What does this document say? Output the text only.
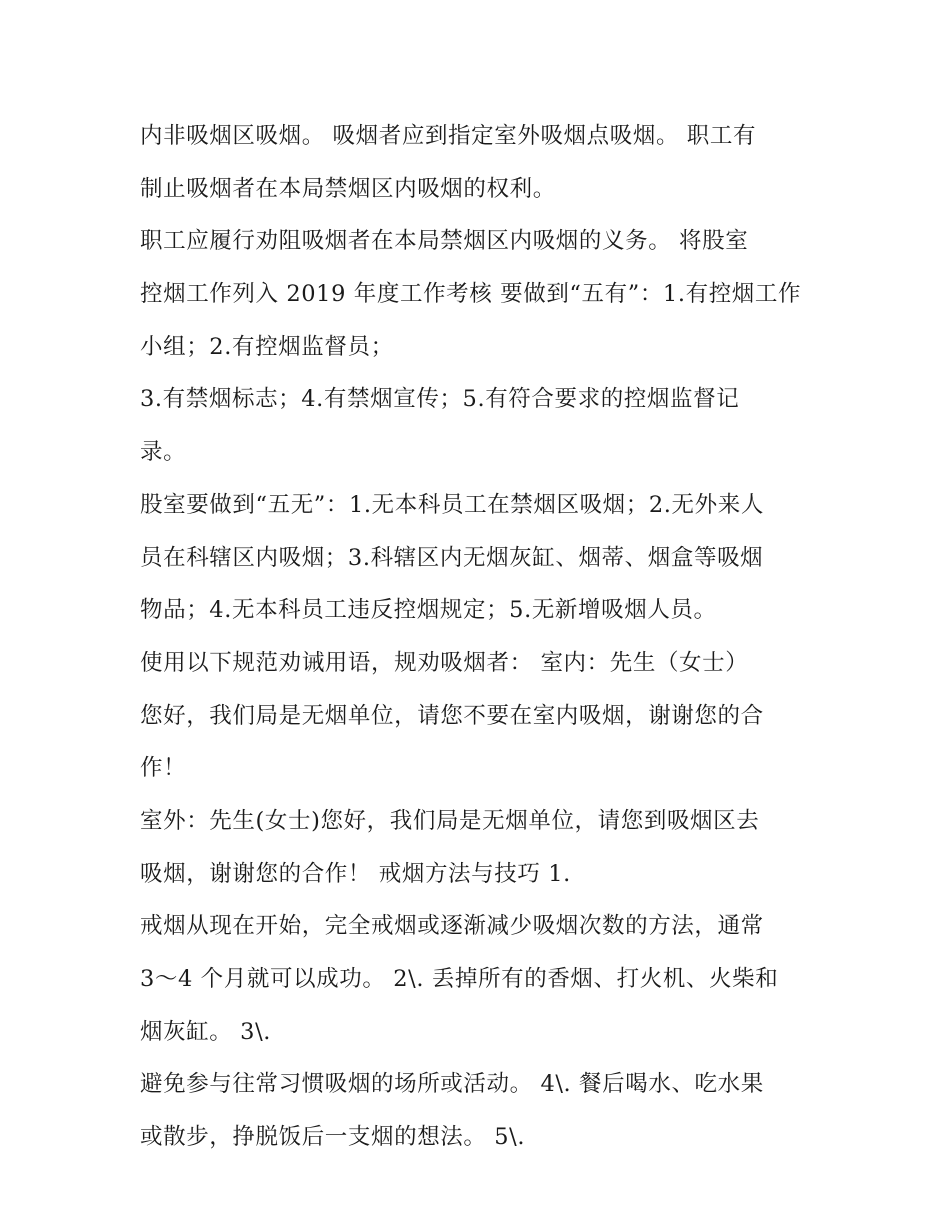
内非吸烟区吸烟。 吸烟者应到指定室外吸烟点吸烟。 职工有
制止吸烟者在本局禁烟区内吸烟的权利。
职工应履行劝阻吸烟者在本局禁烟区内吸烟的义务。 将股室
控烟工作列入 2019 年度工作考核 要做到“五有”：1.有控烟工作
小组；2.有控烟监督员；
3.有禁烟标志；4.有禁烟宣传；5.有符合要求的控烟监督记
录。
股室要做到“五无”：1.无本科员工在禁烟区吸烟；2.无外来人
员在科辖区内吸烟；3.科辖区内无烟灰缸、烟蒂、烟盒等吸烟
物品；4.无本科员工违反控烟规定；5.无新增吸烟人员。
使用以下规范劝诫用语，规劝吸烟者： 室内：先生（女士）
您好，我们局是无烟单位，请您不要在室内吸烟，谢谢您的合
作！
室外：先生(女士)您好，我们局是无烟单位，请您到吸烟区去
吸烟，谢谢您的合作！ 戒烟方法与技巧 1.
戒烟从现在开始，完全戒烟或逐渐减少吸烟次数的方法，通常
3～4 个月就可以成功。 2\. 丢掉所有的香烟、打火机、火柴和
烟灰缸。 3\.
避免参与往常习惯吸烟的场所或活动。 4\. 餐后喝水、吃水果
或散步，挣脱饭后一支烟的想法。 5\.
